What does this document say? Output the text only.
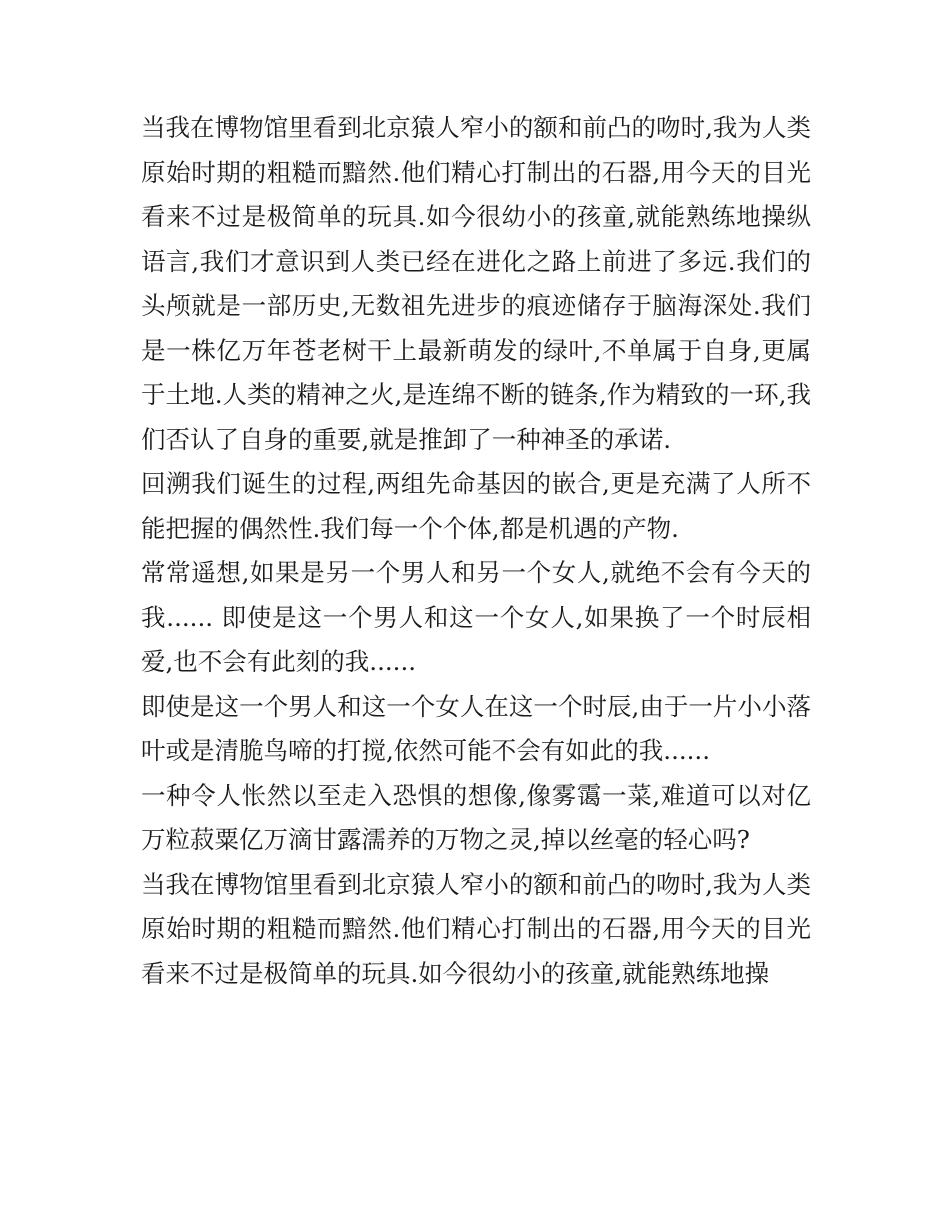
当我在博物馆里看到北京猿人窄小的额和前凸的吻时,我为人类原始时期的粗糙而黯然.他们精心打制出的石器,用今天的目光看来不过是极简单的玩具.如今很幼小的孩童,就能熟练地操纵语言,我们才意识到人类已经在进化之路上前进了多远.我们的头颅就是一部历史,无数祖先进步的痕迹储存于脑海深处.我们是一株亿万年苍老树干上最新萌发的绿叶,不单属于自身,更属于土地.人类的精神之火,是连绵不断的链条,作为精致的一环,我们否认了自身的重要,就是推卸了一种神圣的承诺.

回溯我们诞生的过程,两组先命基因的嵌合,更是充满了人所不能把握的偶然性.我们每一个个体,都是机遇的产物.

常常遥想,如果是另一个男人和另一个女人,就绝不会有今天的我...... 即使是这一个男人和这一个女人,如果换了一个时辰相爱,也不会有此刻的我......

即使是这一个男人和这一个女人在这一个时辰,由于一片小小落叶或是清脆鸟啼的打搅,依然可能不会有如此的我......

一种令人怅然以至走入恐惧的想像,像雾霭一菜,难道可以对亿万粒菽粟亿万滴甘露濡养的万物之灵,掉以丝毫的轻心吗?

当我在博物馆里看到北京猿人窄小的额和前凸的吻时,我为人类原始时期的粗糙而黯然.他们精心打制出的石器,用今天的目光看来不过是极简单的玩具.如今很幼小的孩童,就能熟练地操
